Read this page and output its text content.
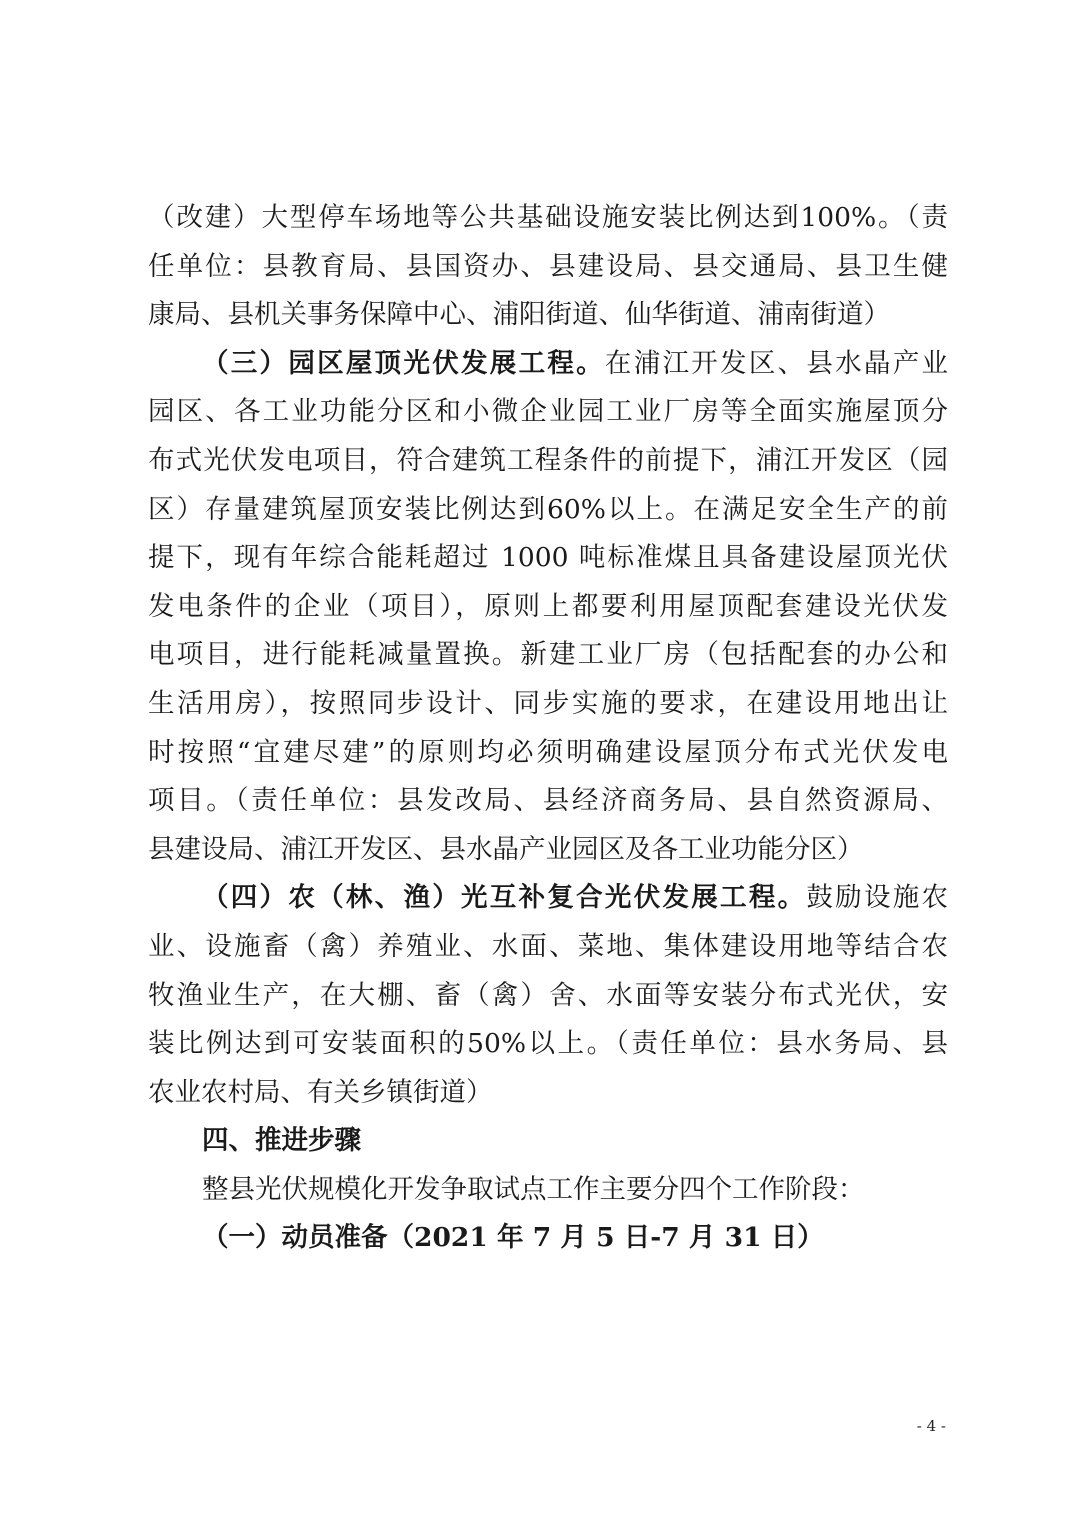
（改建）大型停车场地等公共基础设施安装比例达到100%。（责
任单位：县教育局、县国资办、县建设局、县交通局、县卫生健
康局、县机关事务保障中心、浦阳街道、仙华街道、浦南街道）
（三）园区屋顶光伏发展工程。在浦江开发区、县水晶产业
园区、各工业功能分区和小微企业园工业厂房等全面实施屋顶分
布式光伏发电项目，符合建筑工程条件的前提下，浦江开发区（园
区）存量建筑屋顶安装比例达到60%以上。在满足安全生产的前
提下，现有年综合能耗超过 1000 吨标准煤且具备建设屋顶光伏
发电条件的企业（项目），原则上都要利用屋顶配套建设光伏发
电项目，进行能耗减量置换。新建工业厂房（包括配套的办公和
生活用房），按照同步设计、同步实施的要求，在建设用地出让
时按照“宜建尽建”的原则均必须明确建设屋顶分布式光伏发电
项目。（责任单位：县发改局、县经济商务局、县自然资源局、
县建设局、浦江开发区、县水晶产业园区及各工业功能分区）
（四）农（林、渔）光互补复合光伏发展工程。鼓励设施农
业、设施畜（禽）养殖业、水面、菜地、集体建设用地等结合农
牧渔业生产，在大棚、畜（禽）舍、水面等安装分布式光伏，安
装比例达到可安装面积的50%以上。（责任单位：县水务局、县
农业农村局、有关乡镇街道）
四、推进步骤
整县光伏规模化开发争取试点工作主要分四个工作阶段：
（一）动员准备（2021 年 7 月 5 日-7 月 31 日）
- 4 -
